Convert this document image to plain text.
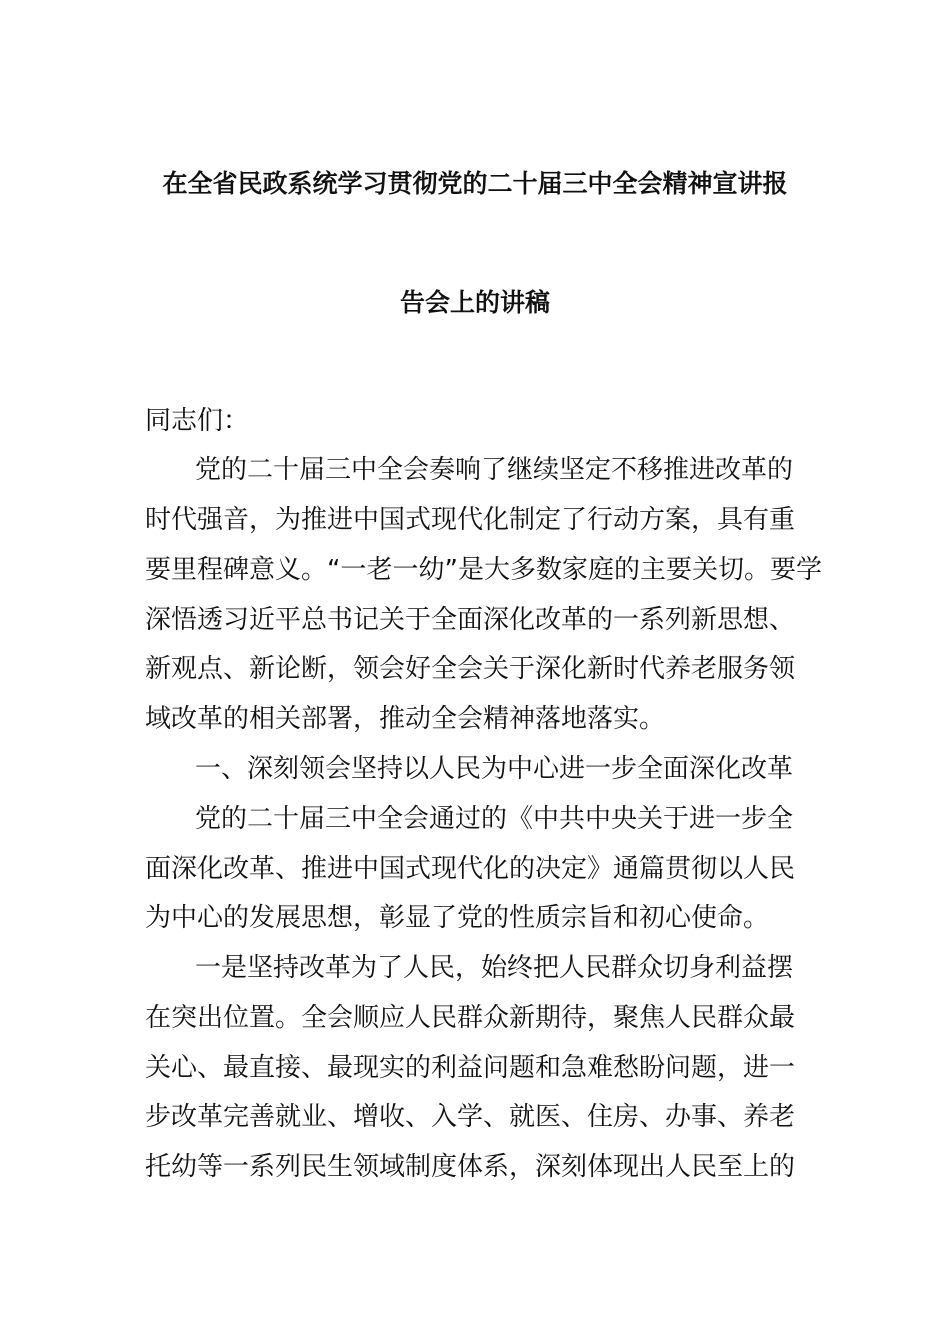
在全省民政系统学习贯彻党的二十届三中全会精神宣讲报
告会上的讲稿
同志们：
党的二十届三中全会奏响了继续坚定不移推进改革的
时代强音，为推进中国式现代化制定了行动方案，具有重
要里程碑意义。“一老一幼”是大多数家庭的主要关切。要学
深悟透习近平总书记关于全面深化改革的一系列新思想、
新观点、新论断，领会好全会关于深化新时代养老服务领
域改革的相关部署，推动全会精神落地落实。
一、深刻领会坚持以人民为中心进一步全面深化改革
党的二十届三中全会通过的《中共中央关于进一步全
面深化改革、推进中国式现代化的决定》通篇贯彻以人民
为中心的发展思想，彰显了党的性质宗旨和初心使命。
一是坚持改革为了人民，始终把人民群众切身利益摆
在突出位置。全会顺应人民群众新期待，聚焦人民群众最
关心、最直接、最现实的利益问题和急难愁盼问题，进一
步改革完善就业、增收、入学、就医、住房、办事、养老
托幼等一系列民生领域制度体系，深刻体现出人民至上的
